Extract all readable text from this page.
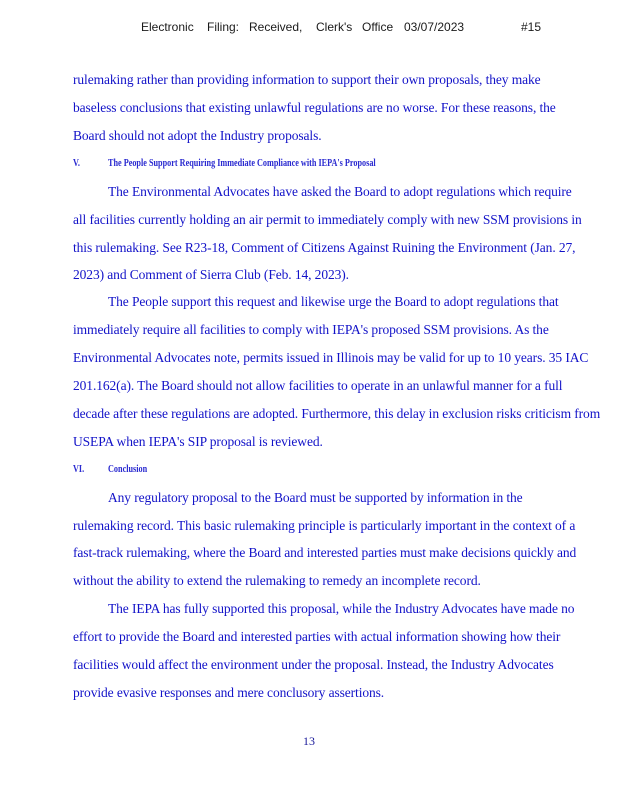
Electronic Filing: Received, Clerk's Office 03/07/2023	#15
rulemaking rather than providing information to support their own proposals, they make
baseless conclusions that existing unlawful regulations are no worse. For these reasons, the
Board should not adopt the Industry proposals.
V.	The People Support Requiring Immediate Compliance with IEPA's Proposal
The Environmental Advocates have asked the Board to adopt regulations which require
all facilities currently holding an air permit to immediately comply with new SSM provisions in
this rulemaking. See R23-18, Comment of Citizens Against Ruining the Environment (Jan. 27,
2023) and Comment of Sierra Club (Feb. 14, 2023).
The People support this request and likewise urge the Board to adopt regulations that
immediately require all facilities to comply with IEPA's proposed SSM provisions. As the
Environmental Advocates note, permits issued in Illinois may be valid for up to 10 years. 35 IAC
201.162(a). The Board should not allow facilities to operate in an unlawful manner for a full
decade after these regulations are adopted. Furthermore, this delay in exclusion risks criticism from
USEPA when IEPA's SIP proposal is reviewed.
VI. Conclusion
Any regulatory proposal to the Board must be supported by information in the
rulemaking record. This basic rulemaking principle is particularly important in the context of a
fast-track rulemaking, where the Board and interested parties must make decisions quickly and
without the ability to extend the rulemaking to remedy an incomplete record.
The IEPA has fully supported this proposal, while the Industry Advocates have made no
effort to provide the Board and interested parties with actual information showing how their
facilities would affect the environment under the proposal. Instead, the Industry Advocates
provide evasive responses and mere conclusory assertions.
13
